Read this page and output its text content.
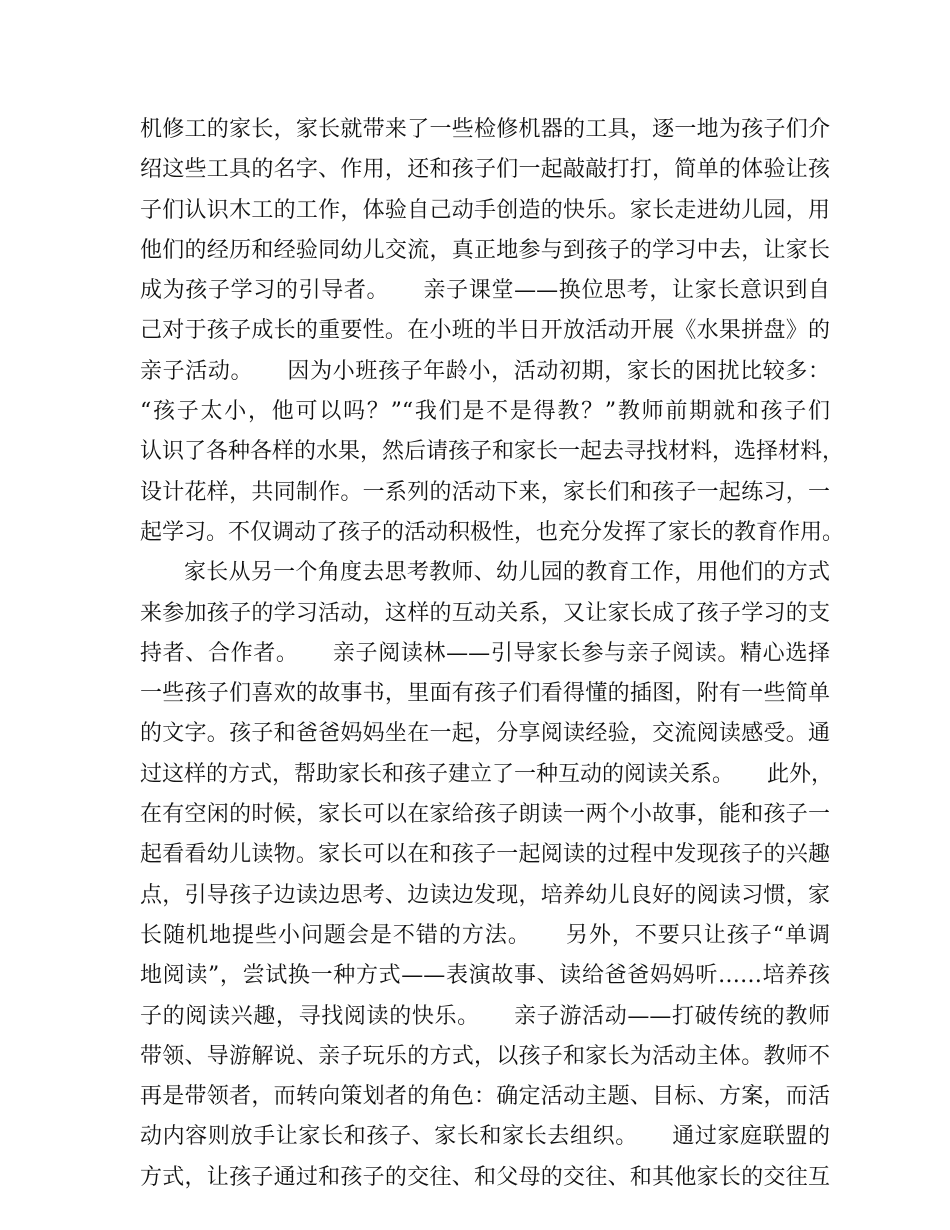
机修工的家长，家长就带来了一些检修机器的工具，逐一地为孩子们介
绍这些工具的名字、作用，还和孩子们一起敲敲打打，简单的体验让孩
子们认识木工的工作，体验自己动手创造的快乐。家长走进幼儿园，用
他们的经历和经验同幼儿交流，真正地参与到孩子的学习中去，让家长
成为孩子学习的引导者。　　亲子课堂——换位思考，让家长意识到自
己对于孩子成长的重要性。在小班的半日开放活动开展《水果拼盘》的
亲子活动。　　因为小班孩子年龄小，活动初期，家长的困扰比较多：
“孩子太小，他可以吗？”“我们是不是得教？”教师前期就和孩子们
认识了各种各样的水果，然后请孩子和家长一起去寻找材料，选择材料，
设计花样，共同制作。一系列的活动下来，家长们和孩子一起练习，一
起学习。不仅调动了孩子的活动积极性，也充分发挥了家长的教育作用。
家长从另一个角度去思考教师、幼儿园的教育工作，用他们的方式
来参加孩子的学习活动，这样的互动关系，又让家长成了孩子学习的支
持者、合作者。　　亲子阅读林——引导家长参与亲子阅读。精心选择
一些孩子们喜欢的故事书，里面有孩子们看得懂的插图，附有一些简单
的文字。孩子和爸爸妈妈坐在一起，分享阅读经验，交流阅读感受。通
过这样的方式，帮助家长和孩子建立了一种互动的阅读关系。　　此外，
在有空闲的时候，家长可以在家给孩子朗读一两个小故事，能和孩子一
起看看幼儿读物。家长可以在和孩子一起阅读的过程中发现孩子的兴趣
点，引导孩子边读边思考、边读边发现，培养幼儿良好的阅读习惯，家
长随机地提些小问题会是不错的方法。　　另外，不要只让孩子“单调
地阅读”，尝试换一种方式——表演故事、读给爸爸妈妈听……培养孩
子的阅读兴趣，寻找阅读的快乐。　　亲子游活动——打破传统的教师
带领、导游解说、亲子玩乐的方式，以孩子和家长为活动主体。教师不
再是带领者，而转向策划者的角色：确定活动主题、目标、方案，而活
动内容则放手让家长和孩子、家长和家长去组织。　　通过家庭联盟的
方式，让孩子通过和孩子的交往、和父母的交往、和其他家长的交往互
